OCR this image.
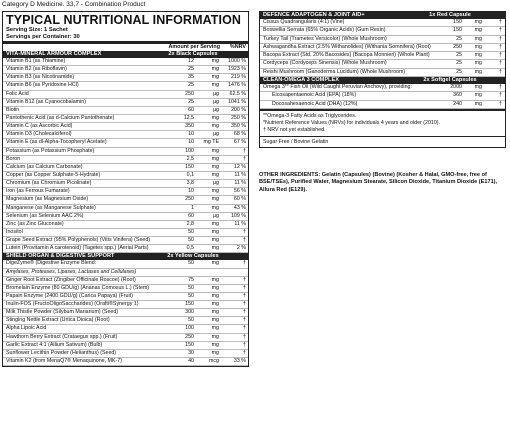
Category D Medicine. 33,7 - Combination Product
TYPICAL NUTRITIONAL INFORMATION
Serving Size: 1 Sachet
Servings per Container: 30
Amount per Serving	%NRV
VITA-MINERAL ARMOUR COMPLEX	2x Black Capsules
Vitamin B1 (as Thiamine)	12	mg	1000 %
Vitamin B2 (as Riboflavin)	25	mg	1923 %
Vitamin B3 (as Nicotinamide)	35	mg	219 %
Vitamin B6 (as Pyridoxine HCl)	25	mg	1476 %
Folic Acid	250	µg	62.5 %
Vitamin B12 (as Cyanocobalamin)	25	µg	1041 %
Biotin	60	µg	200 %
Pantothenic Acid (as d-Calcium Pantothenate)	12,5	mg	250 %
Vitamin C (as Ascorbic Acid)	350	mg	350 %
Vitamin D3 (Cholecalciferol)	10	µg	68 %
Vitamin E (as dl-Alpha-Tocopheryl Acetate)	10	mg TE	67 %
Potassium (as Potassium Phosphate)	100	mg	†
Boron	2,5	mg	†
Calcium (as Calcium Carbonate)	150	mg	12 %
Copper (as Copper Sulphate-5-Hydrate)	0,1	mg	11 %
Chromium (as Chromium Picolinate)	3,8	µg	11 %
Iron (as Ferrous Fumarate)	10	mg	56 %
Magnesium (as Magnesium Oxide)	250	mg	60 %
Manganese (as Manganese Sulphate)	1	mg	43 %
Selenium (as Selenium AAC 2%)	60	µg	109 %
Zinc (as Zinc Gluconate)	2,8	mg	11 %
Inositol	50	mg	†
Grape Seed Extract (95% Polyphenols) (Vitis Vinifera) (Seed)	50	mg	†
Lutein (Provitamin A carotenoid) (Tagetes spp.) (Aerial Parts)	0,5	mg	2 %
SHIELD ORGAN & DIGESTIVE SUPPORT	2x Yellow Capsules
DigeZyme® (Digestive Enzyme Blend:	50	mg	†
Amylases, Proteases, Lipases, Lactases and Cellulases)
Ginger Root Extract (Zingiber Officinale Roscoe) (Root)	75	mg	†
Bromelain Enzyme (80 GDU/g) (Ananas Comosus L.) (Stem)	50	mg	†
Papain Enzyme (2400 GDU/g) (Carica Papaya) (Fruit)	50	mg	†
Inulin-FOS (FructoOligoSaccharides) (Orafti®Synergy 1)	150	mg	†
Milk Thistle Powder (Silybum Marianum) (Seed)	300	mg	†
Stinging Nettle Extract (Urtica Dioica) (Root)	50	mg	†
Alpha Lipoic Acid	100	mg	†
Hawthorn Berry Extract (Crataegus spp.) (Fruit)	250	mg	†
Garlic Extract 4:1 (Allium Sativum) (Bulb)	150	mg	†
Sunflower Lecithin Powder (Helianthus) (Seed)	30	mg	†
Vitamin K2 (from MenaQ7® Menaquinone, MK-7)	40	mcg	33 %
DEFENCE ADAPTOGEN & JOINT AID+	1x Red Capsule
Cissus Quadrangularis (4:1) (Vine)	150	mg	†
Boswellia Serrata (65% Organic Acids) (Gum Resin)	150	mg	†
Turkey Tail (Trametes Versicolor) (Whole Mushroom)	25	mg	†
Ashwagandha Extract (2.5% Withanolides) (Withania Somnifera) (Root)	250	mg	†
Bacopa Extract (Std. 20% Bacosides) (Bacopa Monnieri) (Whole Plant)	25	mg	†
Cordyceps (Cordyceps Sinensis) (Whole Mushroom)	25	mg	†
Reishi Mushroom (Ganoderma Lucidum) (Whole Mushroom)	25	mg	†
CLEAN-OMEGA 3 COMPLEX	2x Softgel Capsules
Omega 3** Fish Oil (Wild Caught Peruvian Anchovy), providing:	2000	mg	†
Eicosapentaenoic Acid (EPA) (18%)	360	mg	†
Docosahexaenoic Acid (DHA) (12%)	240	mg	†
**Omega-3 Fatty Acids as Triglycerides.
*Nutrient Reference Values (NRVs) for individuals 4 years and older (2010).
† NRV not yet established.
Sugar Free / Bovine Gelatin
OTHER INGREDIENTS: Gelatin (Capsules) (Bovine) (Kosher & Halal, GMO-free, free of BSE/TSEs), Purified Water, Magnesium Stearate, Silicon Dioxide, Titanium Dioxide (E171), Allura Red (E129).
